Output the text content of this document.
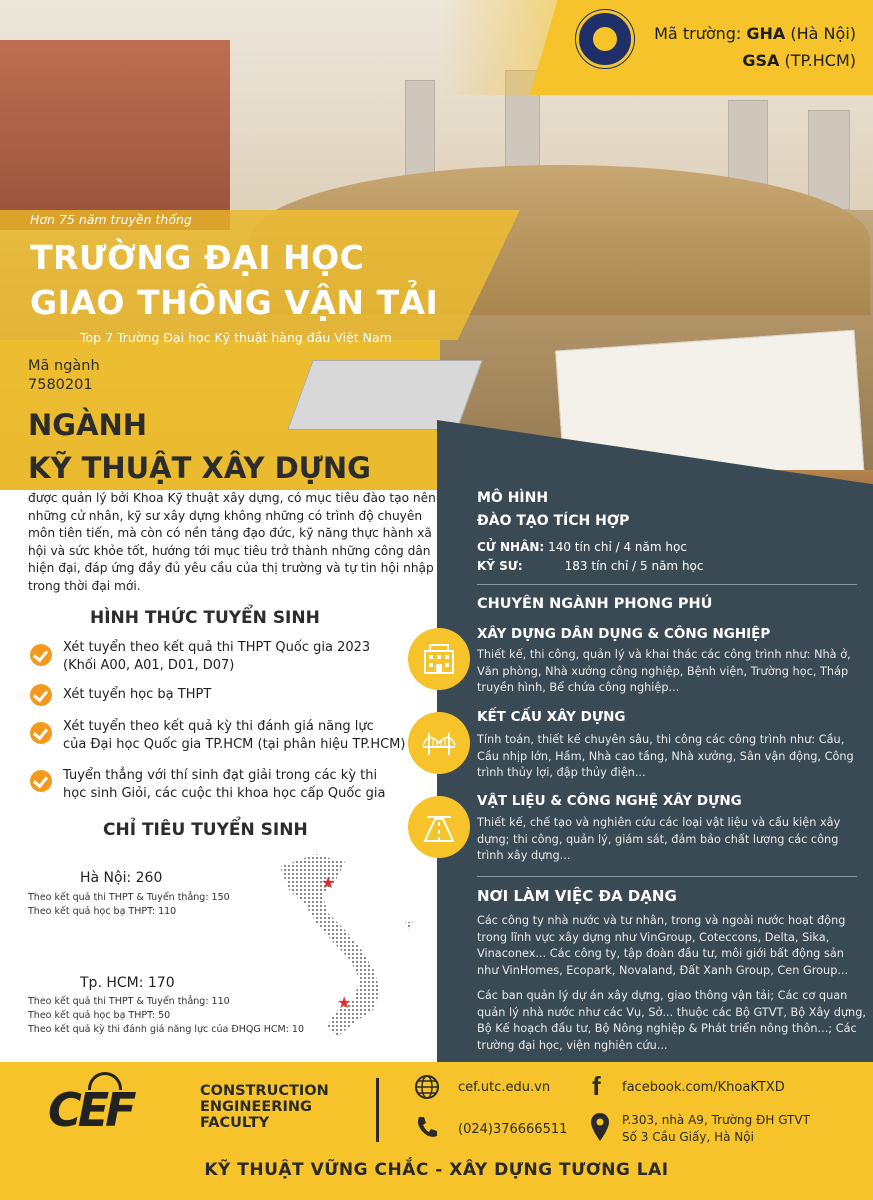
Mã trường: GHA (Hà Nội)
GSA (TP.HCM)
Hơn 75 năm truyền thống
TRƯỜNG ĐẠI HỌC
GIAO THÔNG VẬN TẢI
Top 7 Trường Đại học Kỹ thuật hàng đầu Việt Nam
Mã ngành
7580201
NGÀNH
KỸ THUẬT XÂY DỰNG
được quản lý bởi Khoa Kỹ thuật xây dựng, có mục tiêu đào tạo nên những cử nhân, kỹ sư xây dựng không những có trình độ chuyên môn tiên tiến, mà còn có nền tảng đạo đức, kỹ năng thực hành xã hội và sức khỏe tốt, hướng tới mục tiêu trở thành những công dân hiện đại, đáp ứng đầy đủ yêu cầu của thị trường và tự tin hội nhập trong thời đại mới.
HÌNH THỨC TUYỂN SINH
Xét tuyển theo kết quả thi THPT Quốc gia 2023
(Khối A00, A01, D01, D07)
Xét tuyển học bạ THPT
Xét tuyển theo kết quả kỳ thi đánh giá năng lực
của Đại học Quốc gia TP.HCM (tại phân hiệu TP.HCM)
Tuyển thẳng với thí sinh đạt giải trong các kỳ thi
học sinh Giỏi, các cuộc thi khoa học cấp Quốc gia
CHỈ TIÊU TUYỂN SINH
★
★
Hà Nội: 260
Theo kết quả thi THPT & Tuyển thẳng: 150
Theo kết quả học bạ THPT: 110
Tp. HCM: 170
Theo kết quả thi THPT & Tuyển thẳng: 110
Theo kết quả học bạ THPT: 50
Theo kết quả kỳ thi đánh giá năng lực của ĐHQG HCM: 10
MÔ HÌNH
ĐÀO TẠO TÍCH HỢP
CỬ NHÂN: 140 tín chỉ / 4 năm học
KỸ SƯ:	183 tín chỉ / 5 năm học
CHUYÊN NGÀNH PHONG PHÚ
XÂY DỰNG DÂN DỤNG & CÔNG NGHIỆP
Thiết kế, thi công, quản lý và khai thác các công trình như: Nhà ở, Văn phòng, Nhà xưởng công nghiệp, Bệnh viện, Trường học, Tháp truyền hình, Bể chứa công nghiệp...
KẾT CẤU XÂY DỰNG
Tính toán, thiết kế chuyên sâu, thi công các công trình như: Cầu, Cầu nhịp lớn, Hầm, Nhà cao tầng, Nhà xưởng, Sân vận động, Công trình thủy lợi, đập thủy điện...
VẬT LIỆU & CÔNG NGHỆ XÂY DỰNG
Thiết kế, chế tạo và nghiên cứu các loại vật liệu và cấu kiện xây dựng; thi công, quản lý, giám sát, đảm bảo chất lượng các công trình xây dựng...
NƠI LÀM VIỆC ĐA DẠNG
Các công ty nhà nước và tư nhân, trong và ngoài nước hoạt động trong lĩnh vực xây dựng như VinGroup, Coteccons, Delta, Sika, Vinaconex... Các công ty, tập đoàn đầu tư, môi giới bất động sản như VinHomes, Ecopark, Novaland, Đất Xanh Group, Cen Group...
Các ban quản lý dự án xây dựng, giao thông vận tải; Các cơ quan quản lý nhà nước như các Vụ, Sở... thuộc các Bộ GTVT, Bộ Xây dựng, Bộ Kế hoạch đầu tư, Bộ Nông nghiệp & Phát triển nông thôn...; Các trường đại học, viện nghiên cứu...
CEF	CONSTRUCTION
ENGINEERING
FACULTY
cef.utc.edu.vn f	facebook.com/KhoaKTXD
(024)376666511
P.303, nhà A9, Trường ĐH GTVT
Số 3 Cầu Giấy, Hà Nội
KỸ THUẬT VỮNG CHẮC - XÂY DỰNG TƯƠNG LAI
